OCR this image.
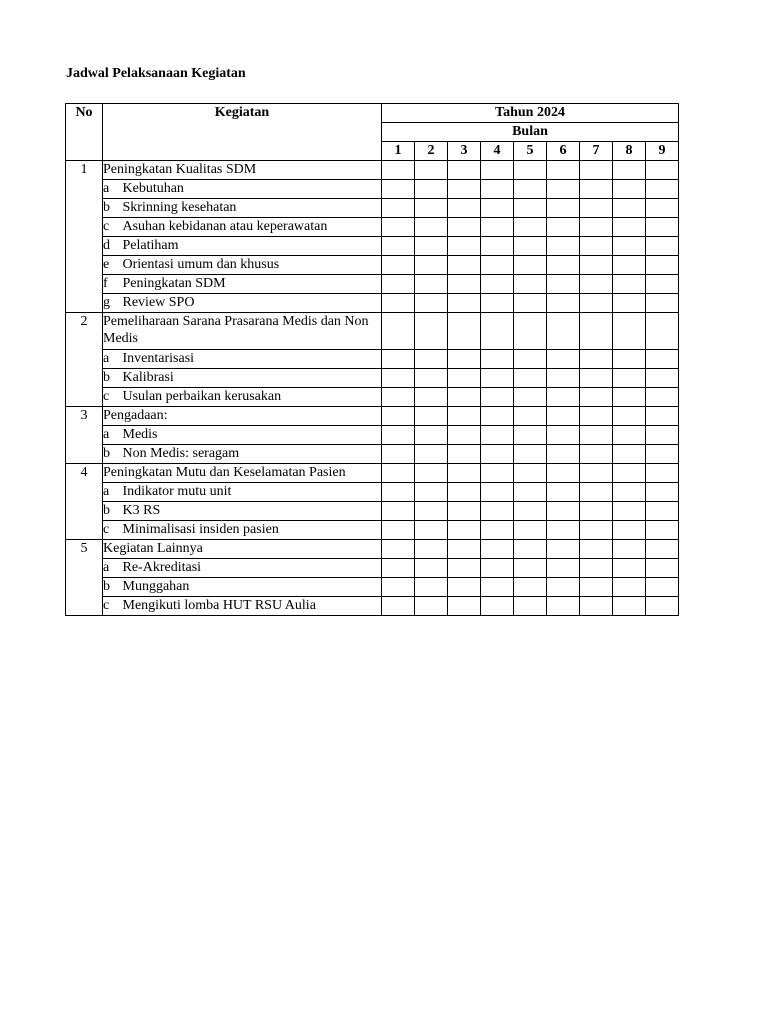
Jadwal Pelaksanaan Kegiatan
No	Kegiatan		Tahun 2024								
			Bulan								
			1	2	3	4	5	6	7	8	9
1	Peningkatan Kualitas SDM										
	a	Kebutuhan									
	b	Skrinning kesehatan									
	c	Asuhan kebidanan atau keperawatan									
	d	Pelatiham									
	e	Orientasi umum dan khusus									
	f	Peningkatan SDM									
	g	Review SPO									
2	Pemeliharaan Sarana Prasarana Medis dan Non Medis										
	a	Inventarisasi									
	b	Kalibrasi									
	c	Usulan perbaikan kerusakan									
3	Pengadaan:										
	a	Medis									
	b	Non Medis: seragam									
4	Peningkatan Mutu dan Keselamatan Pasien										
	a	Indikator mutu unit									
	b	K3 RS									
	c	Minimalisasi insiden pasien									
5	Kegiatan Lainnya										
	a	Re-Akreditasi									
	b	Munggahan									
	c	Mengikuti lomba HUT RSU Aulia									
